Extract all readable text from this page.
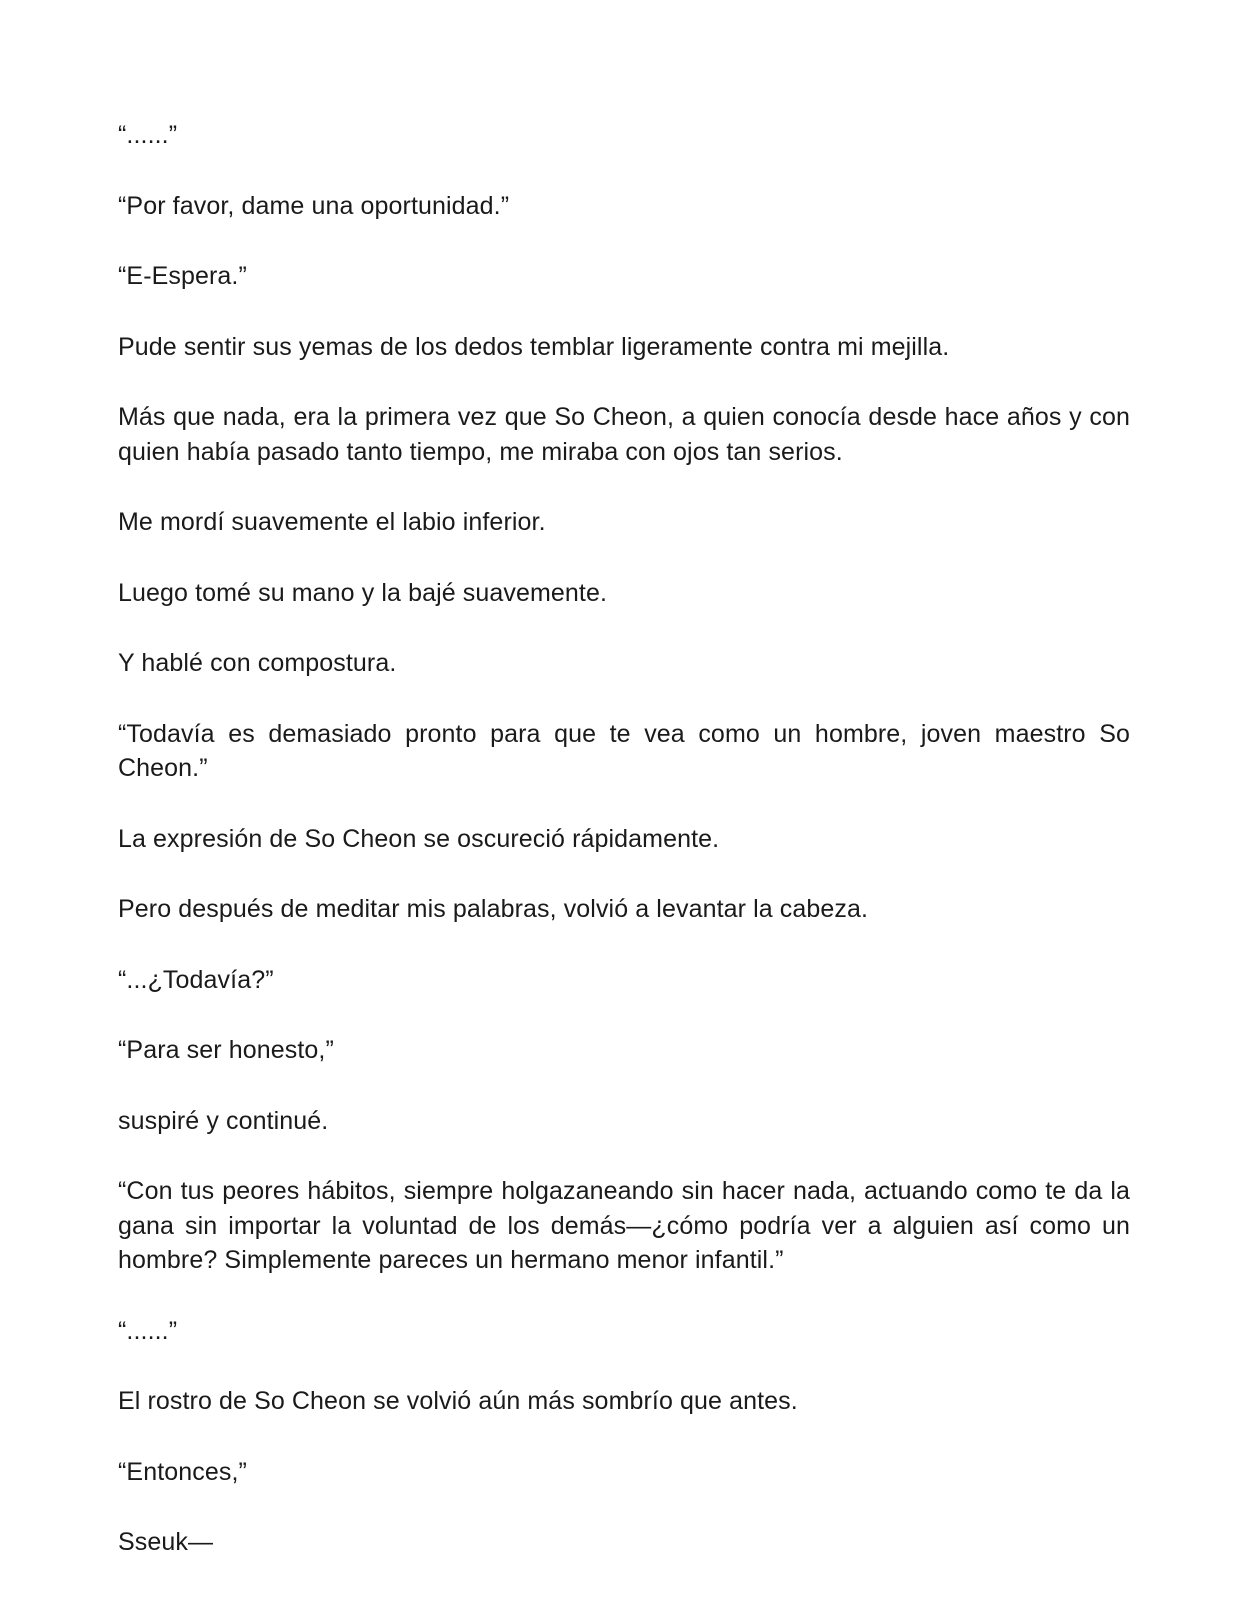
“......”

“Por favor, dame una oportunidad.”

“E-Espera.”

Pude sentir sus yemas de los dedos temblar ligeramente contra mi mejilla.

Más que nada, era la primera vez que So Cheon, a quien conocía desde hace años y con quien había pasado tanto tiempo, me miraba con ojos tan serios.

Me mordí suavemente el labio inferior.

Luego tomé su mano y la bajé suavemente.

Y hablé con compostura.

“Todavía es demasiado pronto para que te vea como un hombre, joven maestro So Cheon.”

La expresión de So Cheon se oscureció rápidamente.

Pero después de meditar mis palabras, volvió a levantar la cabeza.

“...¿Todavía?”

“Para ser honesto,”

suspiré y continué.

“Con tus peores hábitos, siempre holgazaneando sin hacer nada, actuando como te da la gana sin importar la voluntad de los demás—¿cómo podría ver a alguien así como un hombre? Simplemente pareces un hermano menor infantil.”

“......”

El rostro de So Cheon se volvió aún más sombrío que antes.

“Entonces,”

Sseuk—
